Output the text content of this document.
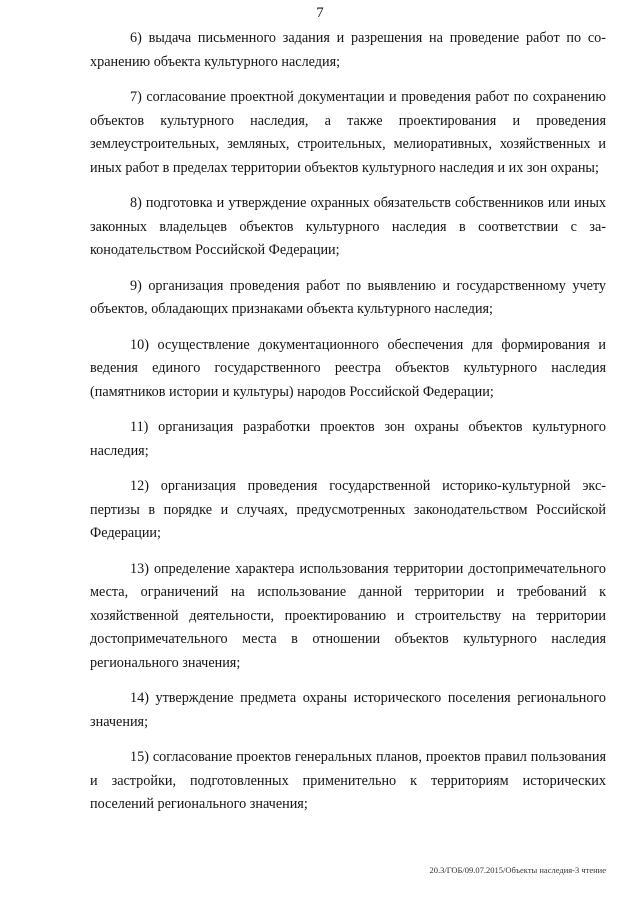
7

6) выдача письменного задания и разрешения на проведение работ по сохранению объекта культурного наследия;

7) согласование проектной документации и проведения работ по сохранению объектов культурного наследия, а также проектирования и проведения землеустроительных, земляных, строительных, мелиоративных, хозяйственных и иных работ в пределах территории объектов культурного наследия и их зон охраны;

8) подготовка и утверждение охранных обязательств собственников или иных законных владельцев объектов культурного наследия в соответствии с законодательством Российской Федерации;

9) организация проведения работ по выявлению и государственному учету объектов, обладающих признаками объекта культурного наследия;

10) осуществление документационного обеспечения для формирования и ведения единого государственного реестра объектов культурного наследия (памятников истории и культуры) народов Российской Федерации;

11) организация разработки проектов зон охраны объектов культурного наследия;

12) организация проведения государственной историко-культурной экспертизы в порядке и случаях, предусмотренных законодательством Российской Федерации;

13) определение характера использования территории достопримечательного места, ограничений на использование данной территории и требований к хозяйственной деятельности, проектированию и строительству на территории достопримечательного места в отношении объектов культурного наследия регионального значения;

14) утверждение предмета охраны исторического поселения регионального значения;

15) согласование проектов генеральных планов, проектов правил пользования и застройки, подготовленных применительно к территориям исторических поселений регионального значения;

20.3/ГОБ/09.07.2015/Объекты наследия-3 чтение
